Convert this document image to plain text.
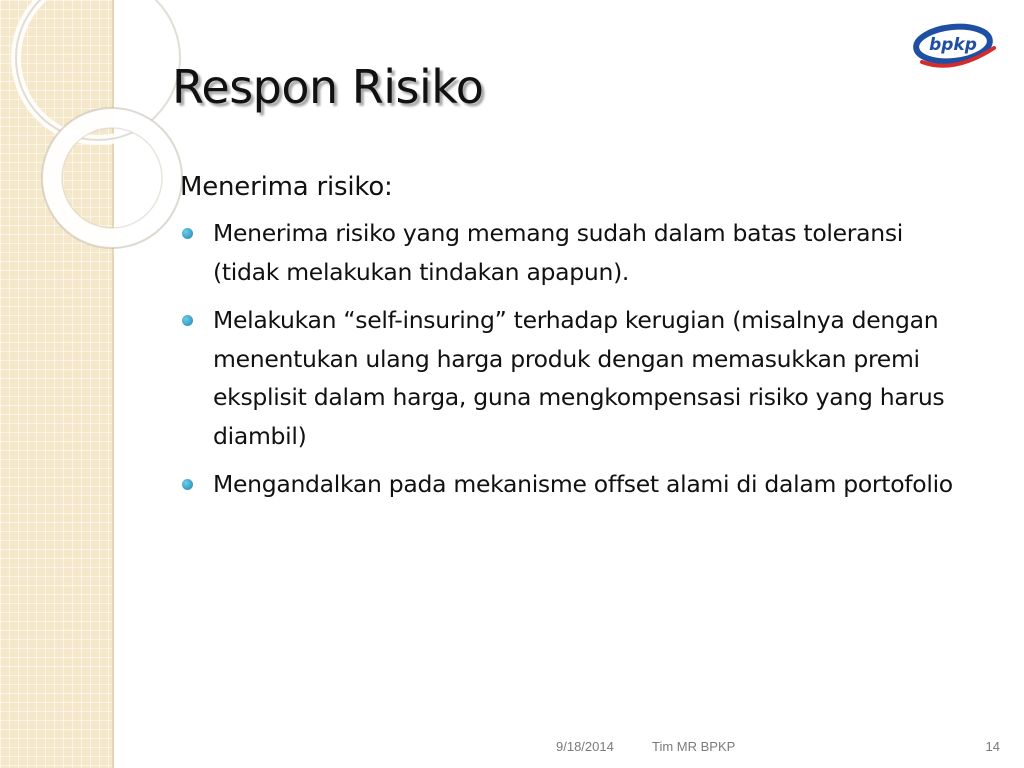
bpkp
Respon Risiko

Menerima risiko:

Menerima risiko yang memang sudah dalam batas toleransi (tidak melakukan tindakan apapun).
Melakukan “self-insuring” terhadap kerugian (misalnya dengan menentukan ulang harga produk dengan memasukkan premi eksplisit dalam harga, guna mengkompensasi risiko yang harus diambil)
Mengandalkan pada mekanisme offset alami di dalam portofolio
9/18/2014	Tim MR BPKP	14
